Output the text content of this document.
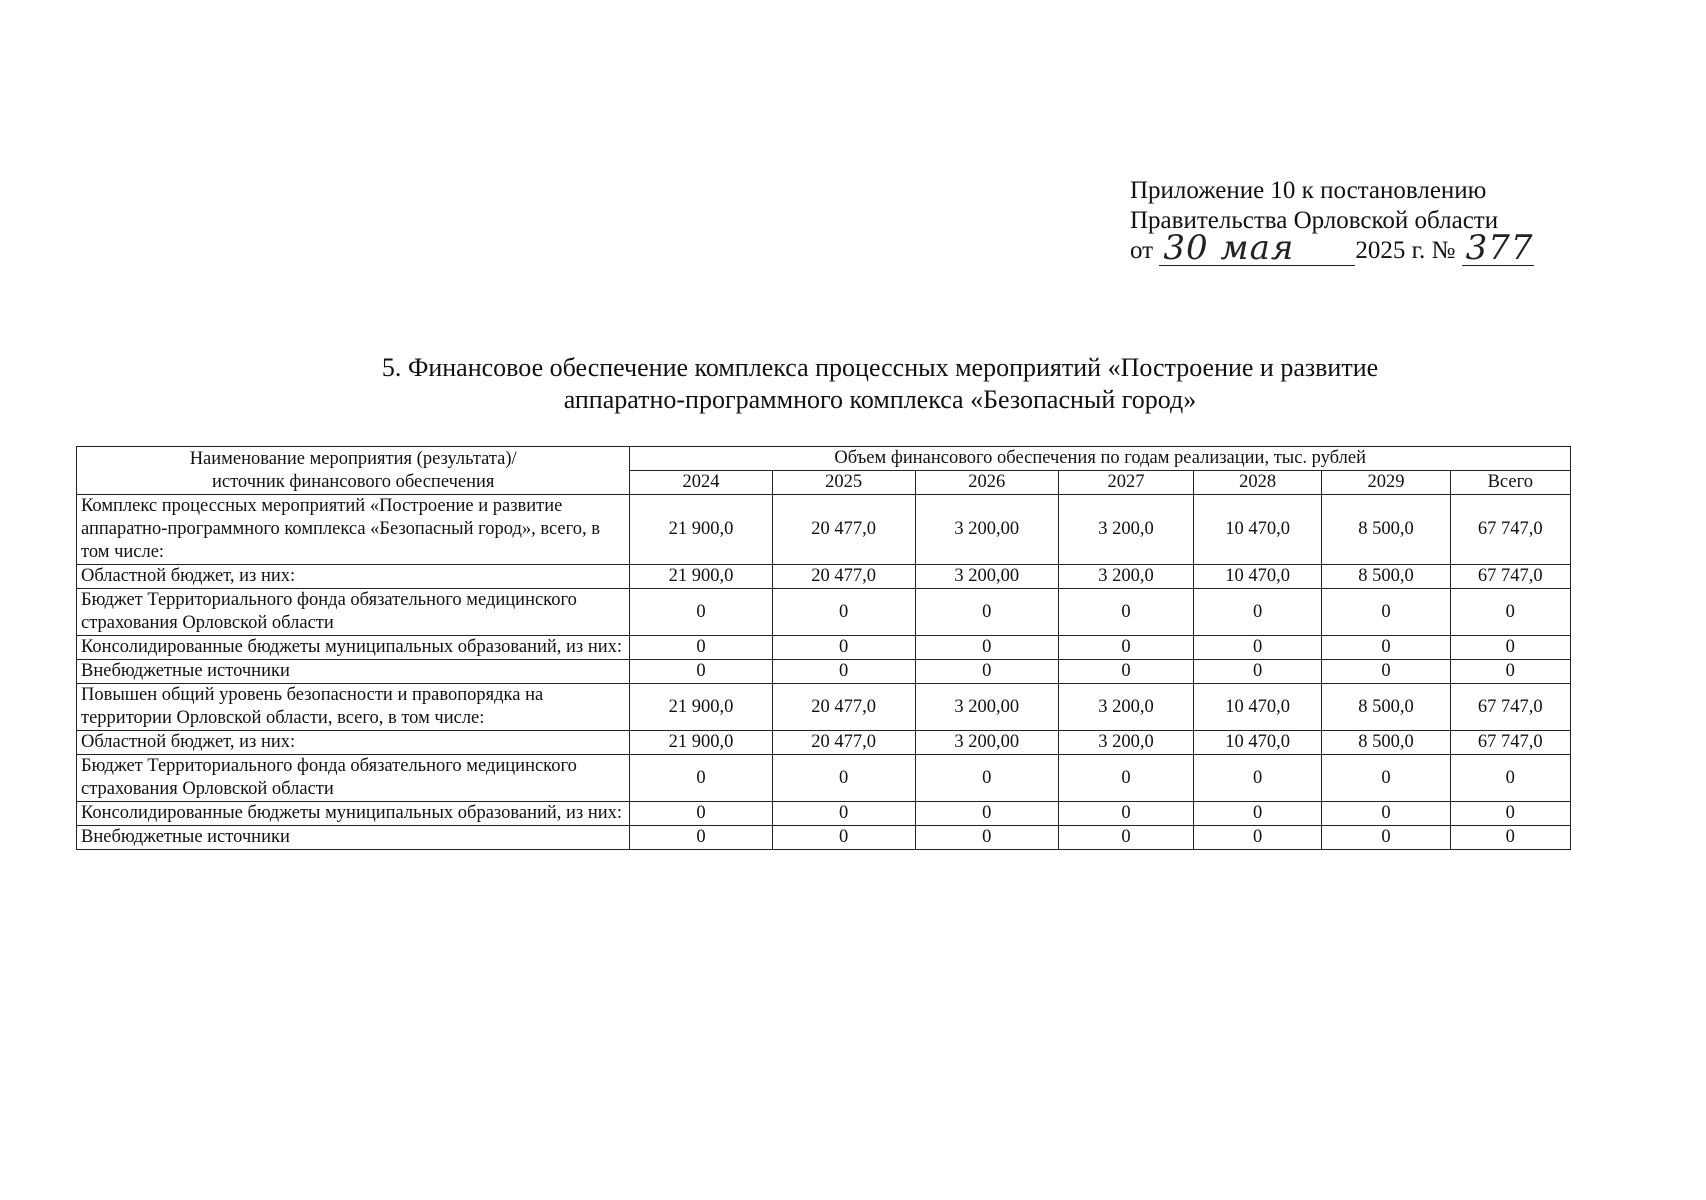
Приложение 10 к постановлению
Правительства Орловской области
от 30 мая 2025 г. № 377
5. Финансовое обеспечение комплекса процессных мероприятий «Построение и развитие
аппаратно-программного комплекса «Безопасный город»
Наименование мероприятия (результата)/
источник финансового обеспечения	Объем финансового обеспечения по годам реализации, тыс. рублей						
	2024	2025	2026	2027	2028	2029	Всего
Комплекс процессных мероприятий «Построение и развитие аппаратно-программного комплекса «Безопасный город», всего, в том числе:	21 900,0	20 477,0	3 200,00	3 200,0	10 470,0	8 500,0	67 747,0
Областной бюджет, из них:	21 900,0	20 477,0	3 200,00	3 200,0	10 470,0	8 500,0	67 747,0
Бюджет Территориального фонда обязательного медицинского страхования Орловской области	0	0	0	0	0	0	0
Консолидированные бюджеты муниципальных образований, из них:	0	0	0	0	0	0	0
Внебюджетные источники	0	0	0	0	0	0	0
Повышен общий уровень безопасности и правопорядка на территории Орловской области, всего, в том числе:	21 900,0	20 477,0	3 200,00	3 200,0	10 470,0	8 500,0	67 747,0
Областной бюджет, из них:	21 900,0	20 477,0	3 200,00	3 200,0	10 470,0	8 500,0	67 747,0
Бюджет Территориального фонда обязательного медицинского страхования Орловской области	0	0	0	0	0	0	0
Консолидированные бюджеты муниципальных образований, из них:	0	0	0	0	0	0	0
Внебюджетные источники	0	0	0	0	0	0	0
